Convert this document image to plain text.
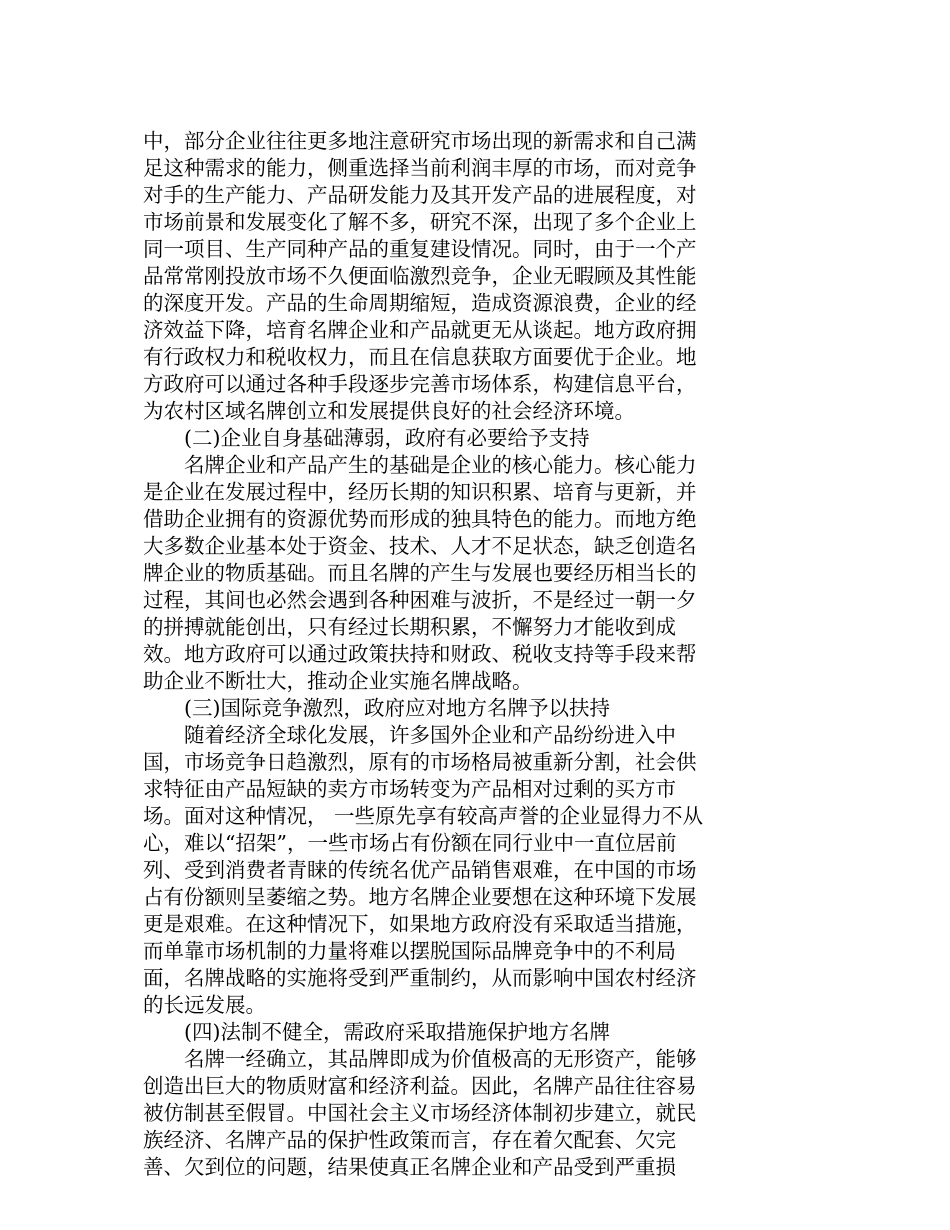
中，部分企业往往更多地注意研究市场出现的新需求和自己满
足这种需求的能力，侧重选择当前利润丰厚的市场，而对竞争
对手的生产能力、产品研发能力及其开发产品的进展程度，对
市场前景和发展变化了解不多，研究不深，出现了多个企业上
同一项目、生产同种产品的重复建设情况。同时，由于一个产
品常常刚投放市场不久便面临激烈竞争，企业无暇顾及其性能
的深度开发。产品的生命周期缩短，造成资源浪费，企业的经
济效益下降，培育名牌企业和产品就更无从谈起。地方政府拥
有行政权力和税收权力，而且在信息获取方面要优于企业。地
方政府可以通过各种手段逐步完善市场体系，构建信息平台，
为农村区域名牌创立和发展提供良好的社会经济环境。
(二)企业自身基础薄弱，政府有必要给予支持
名牌企业和产品产生的基础是企业的核心能力。核心能力
是企业在发展过程中，经历长期的知识积累、培育与更新，并
借助企业拥有的资源优势而形成的独具特色的能力。而地方绝
大多数企业基本处于资金、技术、人才不足状态，缺乏创造名
牌企业的物质基础。而且名牌的产生与发展也要经历相当长的
过程，其间也必然会遇到各种困难与波折，不是经过一朝一夕
的拼搏就能创出，只有经过长期积累，不懈努力才能收到成
效。地方政府可以通过政策扶持和财政、税收支持等手段来帮
助企业不断壮大，推动企业实施名牌战略。
(三)国际竞争激烈，政府应对地方名牌予以扶持
随着经济全球化发展，许多国外企业和产品纷纷进入中
国，市场竞争日趋激烈，原有的市场格局被重新分割，社会供
求特征由产品短缺的卖方市场转变为产品相对过剩的买方市
场。面对这种情况， 一些原先享有较高声誉的企业显得力不从
心，难以“招架”，一些市场占有份额在同行业中一直位居前
列、受到消费者青睐的传统名优产品销售艰难，在中国的市场
占有份额则呈萎缩之势。地方名牌企业要想在这种环境下发展
更是艰难。在这种情况下，如果地方政府没有采取适当措施，
而单靠市场机制的力量将难以摆脱国际品牌竞争中的不利局
面，名牌战略的实施将受到严重制约，从而影响中国农村经济
的长远发展。
(四)法制不健全，需政府采取措施保护地方名牌
名牌一经确立，其品牌即成为价值极高的无形资产，能够
创造出巨大的物质财富和经济利益。因此，名牌产品往往容易
被仿制甚至假冒。中国社会主义市场经济体制初步建立，就民
族经济、名牌产品的保护性政策而言，存在着欠配套、欠完
善、欠到位的问题，结果使真正名牌企业和产品受到严重损
